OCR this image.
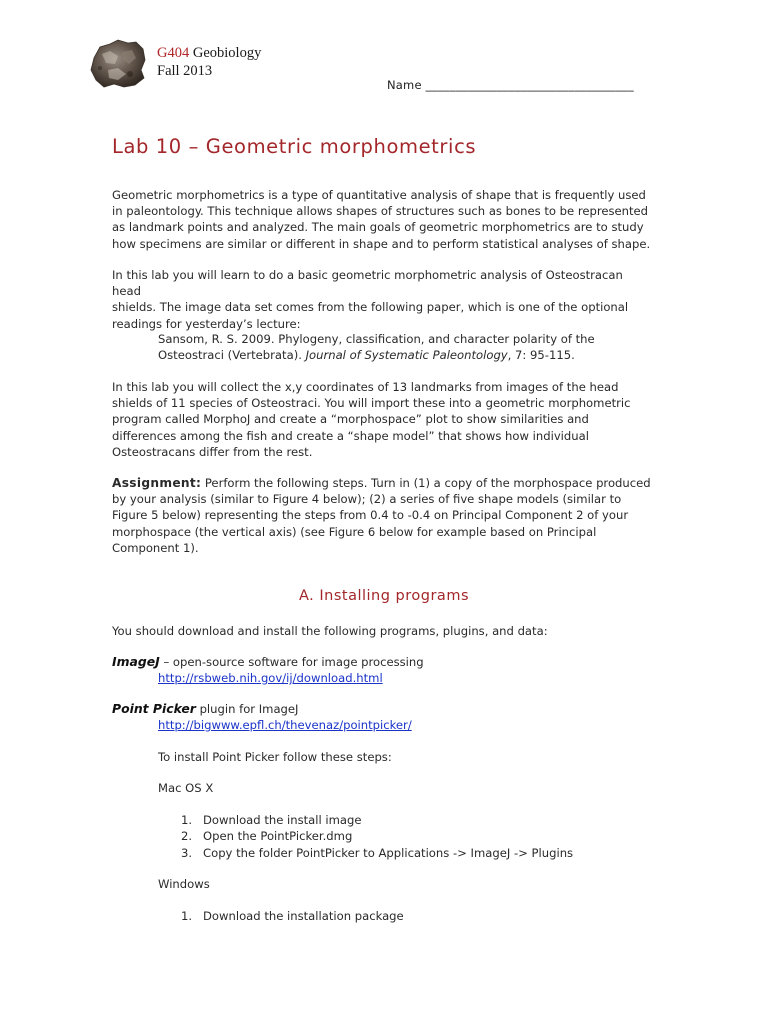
G404 Geobiology
Fall 2013
Name ___________________________________
Lab 10 – Geometric morphometrics

Geometric morphometrics is a type of quantitative analysis of shape that is frequently used

in paleontology. This technique allows shapes of structures such as bones to be represented

as landmark points and analyzed. The main goals of geometric morphometrics are to study

how specimens are similar or different in shape and to perform statistical analyses of shape.

In this lab you will learn to do a basic geometric morphometric analysis of Osteostracan head

shields. The image data set comes from the following paper, which is one of the optional

readings for yesterday’s lecture:

Sansom, R. S. 2009. Phylogeny, classification, and character polarity of the
Osteostraci (Vertebrata). Journal of Systematic Paleontology, 7: 95-115.

In this lab you will collect the x,y coordinates of 13 landmarks from images of the head

shields of 11 species of Osteostraci. You will import these into a geometric morphometric

program called MorphoJ and create a “morphospace” plot to show similarities and

differences among the fish and create a “shape model” that shows how individual

Osteostracans differ from the rest.

Assignment: Perform the following steps. Turn in (1) a copy of the morphospace produced

by your analysis (similar to Figure 4 below); (2) a series of five shape models (similar to

Figure 5 below) representing the steps from 0.4 to -0.4 on Principal Component 2 of your

morphospace (the vertical axis) (see Figure 6 below for example based on Principal

Component 1).

A. Installing programs
You should download and install the following programs, plugins, and data:
ImageJ – open-source software for image processing
http://rsbweb.nih.gov/ij/download.html
Point Picker plugin for ImageJ
http://bigwww.epfl.ch/thevenaz/pointpicker/
To install Point Picker follow these steps:
Mac OS X
1. Download the install image
2. Open the PointPicker.dmg
3. Copy the folder PointPicker to Applications -> ImageJ -> Plugins
Windows
1. Download the installation package
